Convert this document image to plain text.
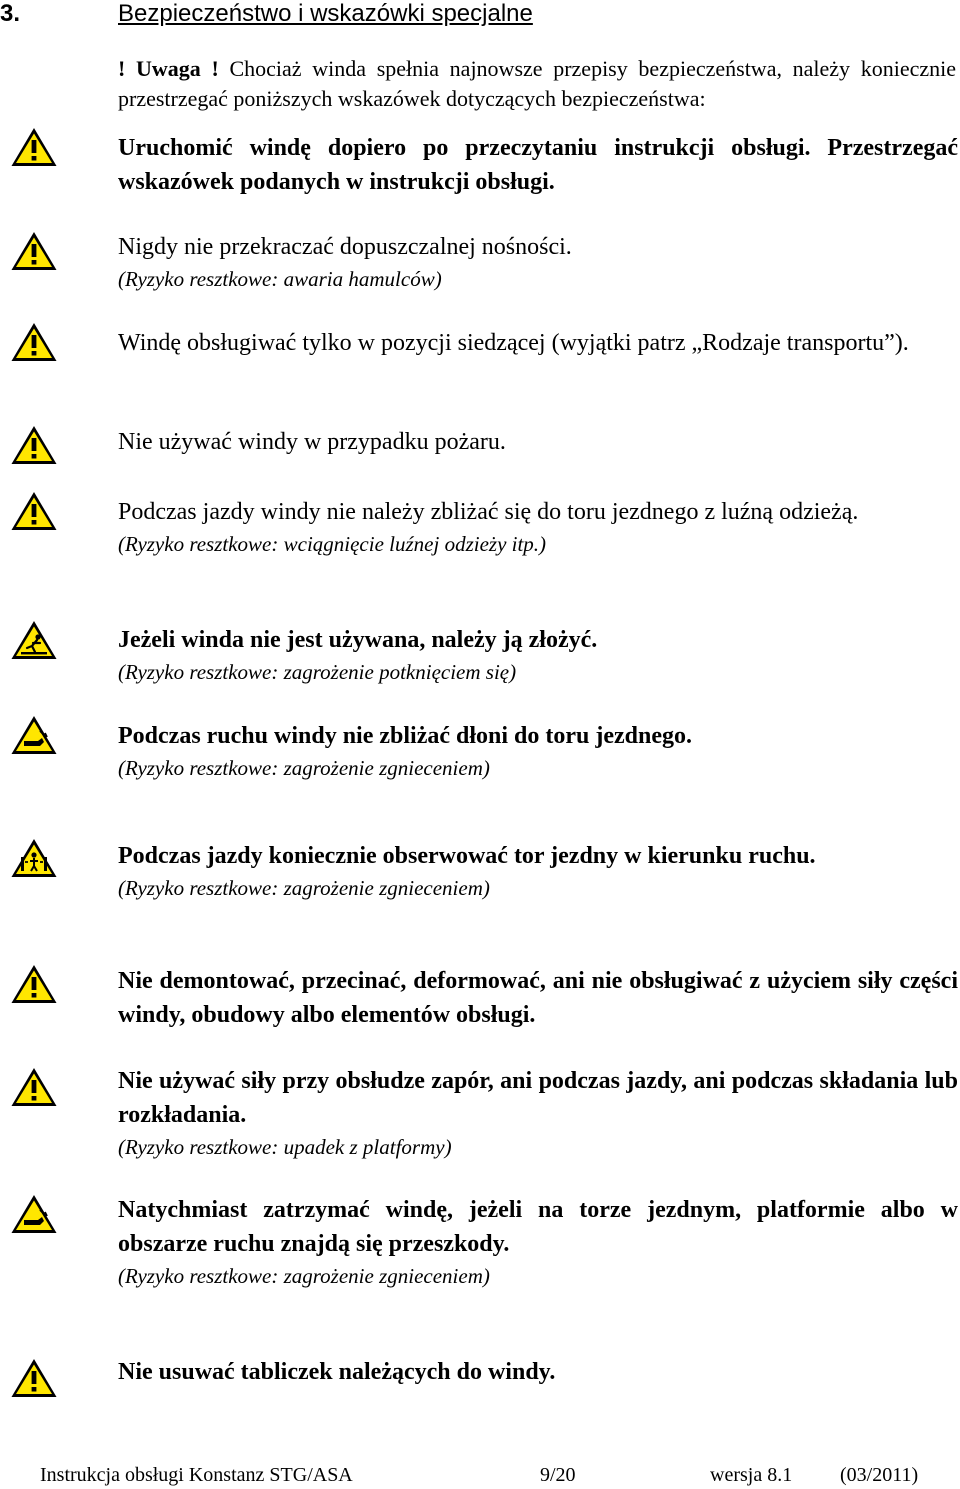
3.	Bezpieczeństwo i wskazówki specjalne
! Uwaga ! Chociaż winda spełnia najnowsze przepisy bezpieczeństwa, należy koniecznie przestrzegać poniższych wskazówek dotyczących bezpieczeństwa:

Uruchomić windę dopiero po przeczytaniu instrukcji obsługi. Przestrzegać wskazówek podanych w instrukcji obsługi.

Nigdy nie przekraczać dopuszczalnej nośności.

(Ryzyko resztkowe: awaria hamulców)

Windę obsługiwać tylko w pozycji siedzącej (wyjątki patrz „Rodzaje transportu”).

Nie używać windy w przypadku pożaru.

Podczas jazdy windy nie należy zbliżać się do toru jezdnego z luźną odzieżą.

(Ryzyko resztkowe: wciągnięcie luźnej odzieży itp.)

Jeżeli winda nie jest używana, należy ją złożyć.

(Ryzyko resztkowe: zagrożenie potknięciem się)

Podczas ruchu windy nie zbliżać dłoni do toru jezdnego.

(Ryzyko resztkowe: zagrożenie zgnieceniem)

Podczas jazdy koniecznie obserwować tor jezdny w kierunku ruchu.

(Ryzyko resztkowe: zagrożenie zgnieceniem)

Nie demontować, przecinać, deformować, ani nie obsługiwać z użyciem siły części windy, obudowy albo elementów obsługi.

Nie używać siły przy obsłudze zapór, ani podczas jazdy, ani podczas składania lub rozkładania.

(Ryzyko resztkowe: upadek z platformy)

Natychmiast zatrzymać windę, jeżeli na torze jezdnym, platformie albo w obszarze ruchu znajdą się przeszkody.

(Ryzyko resztkowe: zagrożenie zgnieceniem)

Nie usuwać tabliczek należących do windy.

Instrukcja obsługi Konstanz STG/ASA	9/20	wersja 8.1 (03/2011)
